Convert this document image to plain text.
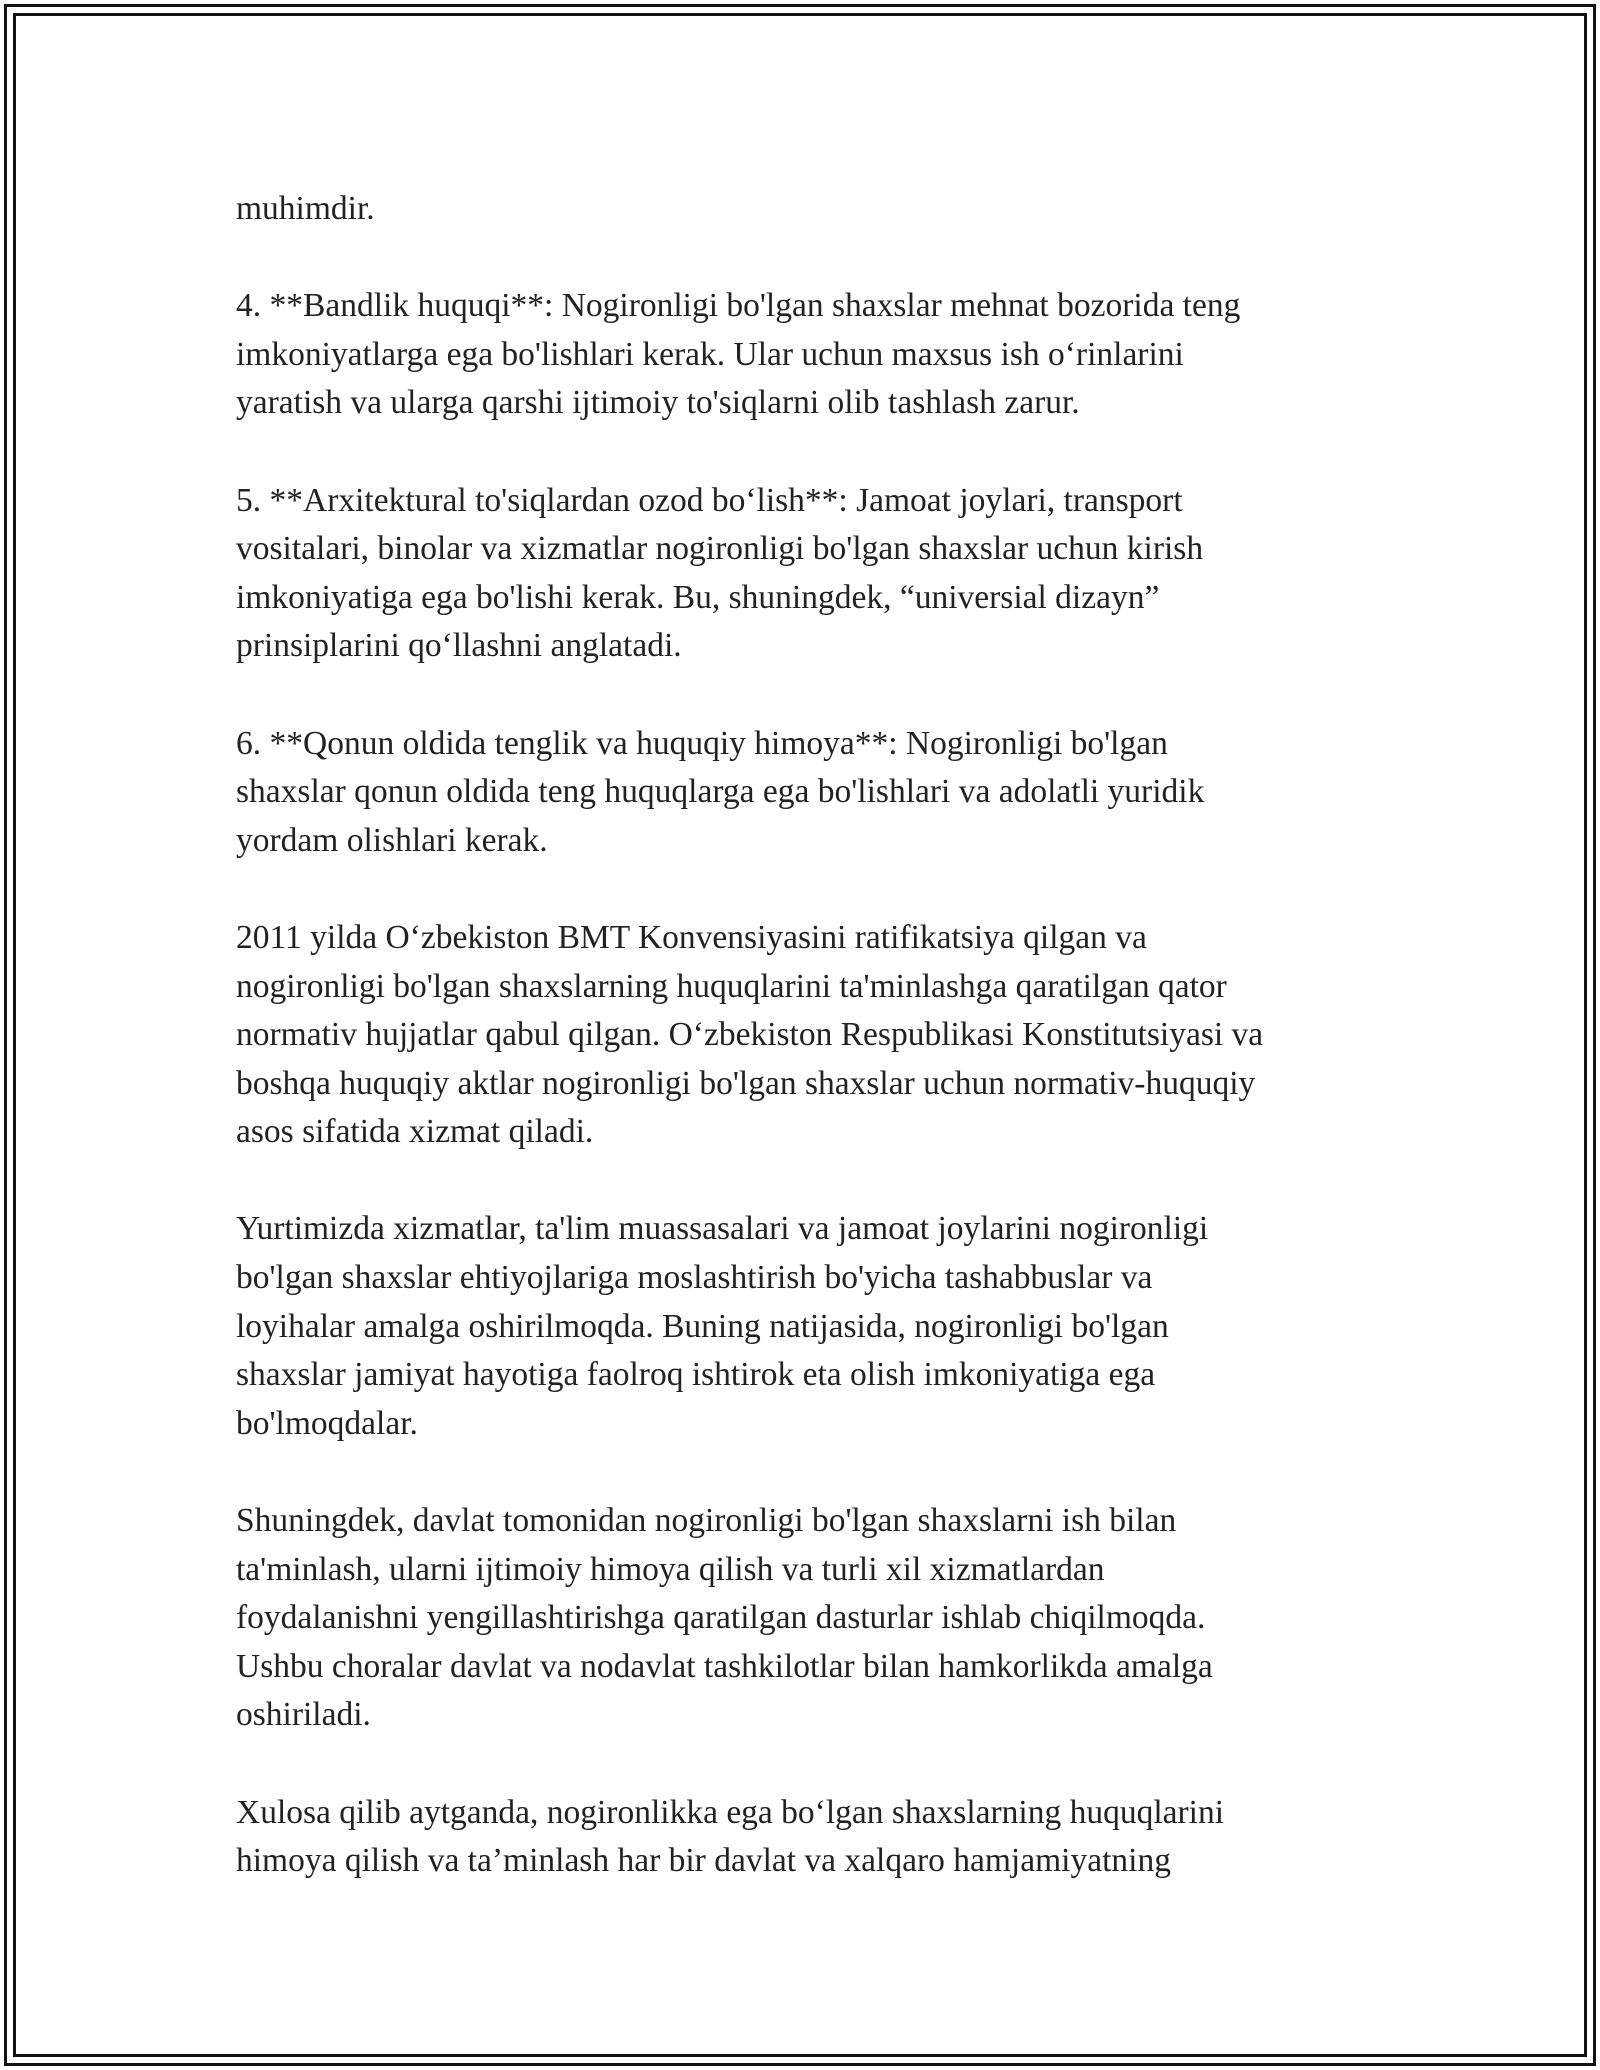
muhimdir.

4. **Bandlik huquqi**: Nogironligi bo'lgan shaxslar mehnat bozorida teng
imkoniyatlarga ega bo'lishlari kerak. Ular uchun maxsus ish o‘rinlarini
yaratish va ularga qarshi ijtimoiy to'siqlarni olib tashlash zarur.

5. **Arxitektural to'siqlardan ozod bo‘lish**: Jamoat joylari, transport
vositalari, binolar va xizmatlar nogironligi bo'lgan shaxslar uchun kirish
imkoniyatiga ega bo'lishi kerak. Bu, shuningdek, “universial dizayn”
prinsiplarini qo‘llashni anglatadi.

6. **Qonun oldida tenglik va huquqiy himoya**: Nogironligi bo'lgan
shaxslar qonun oldida teng huquqlarga ega bo'lishlari va adolatli yuridik
yordam olishlari kerak.

2011 yilda O‘zbekiston BMT Konvensiyasini ratifikatsiya qilgan va
nogironligi bo'lgan shaxslarning huquqlarini ta'minlashga qaratilgan qator
normativ hujjatlar qabul qilgan. O‘zbekiston Respublikasi Konstitutsiyasi va
boshqa huquqiy aktlar nogironligi bo'lgan shaxslar uchun normativ-huquqiy
asos sifatida xizmat qiladi.

Yurtimizda xizmatlar, ta'lim muassasalari va jamoat joylarini nogironligi
bo'lgan shaxslar ehtiyojlariga moslashtirish bo'yicha tashabbuslar va
loyihalar amalga oshirilmoqda. Buning natijasida, nogironligi bo'lgan
shaxslar jamiyat hayotiga faolroq ishtirok eta olish imkoniyatiga ega
bo'lmoqdalar.

Shuningdek, davlat tomonidan nogironligi bo'lgan shaxslarni ish bilan
ta'minlash, ularni ijtimoiy himoya qilish va turli xil xizmatlardan
foydalanishni yengillashtirishga qaratilgan dasturlar ishlab chiqilmoqda.
Ushbu choralar davlat va nodavlat tashkilotlar bilan hamkorlikda amalga
oshiriladi.

Xulosa qilib aytganda, nogironlikka ega bo‘lgan shaxslarning huquqlarini
himoya qilish va ta’minlash har bir davlat va xalqaro hamjamiyatning
